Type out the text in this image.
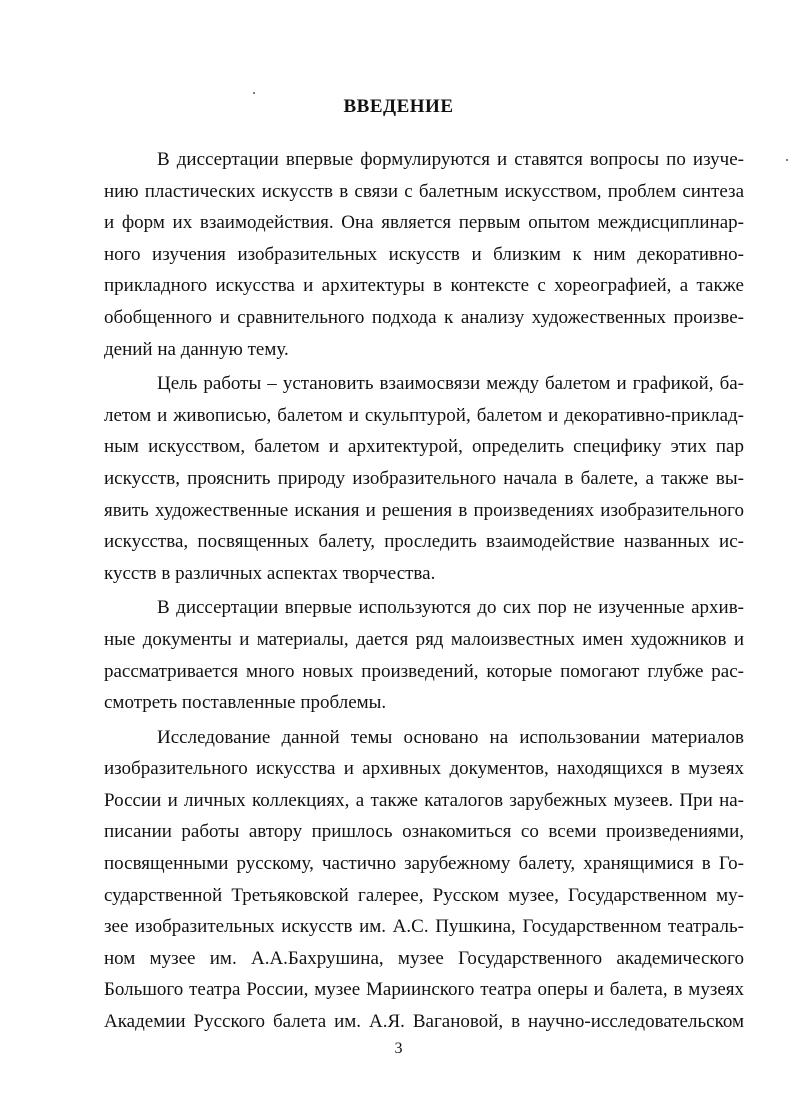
ВВЕДЕНИЕ
В диссертации впервые формулируются и ставятся вопросы по изуче-
нию пластических искусств в связи с балетным искусством, проблем синтеза
и форм их взаимодействия. Она является первым опытом междисциплинар-
ного изучения изобразительных искусств и близким к ним декоративно-
прикладного искусства и архитектуры в контексте с хореографией, а также
обобщенного и сравнительного подхода к анализу художественных произве-
дений на данную тему.
Цель работы – установить взаимосвязи между балетом и графикой, ба-
летом и живописью, балетом и скульптурой, балетом и декоративно-приклад-
ным искусством, балетом и архитектурой, определить специфику этих пар
искусств, прояснить природу изобразительного начала в балете, а также вы-
явить художественные искания и решения в произведениях изобразительного
искусства, посвященных балету, проследить взаимодействие названных ис-
кусств в различных аспектах творчества.
В диссертации впервые используются до сих пор не изученные архив-
ные документы и материалы, дается ряд малоизвестных имен художников и
рассматривается много новых произведений, которые помогают глубже рас-
смотреть поставленные проблемы.
Исследование данной темы основано на использовании материалов
изобразительного искусства и архивных документов, находящихся в музеях
России и личных коллекциях, а также каталогов зарубежных музеев. При на-
писании работы автору пришлось ознакомиться со всеми произведениями,
посвященными русскому, частично зарубежному балету, хранящимися в Го-
сударственной Третьяковской галерее, Русском музее, Государственном му-
зее изобразительных искусств им. А.С. Пушкина, Государственном театраль-
ном музее им. А.А.Бахрушина, музее Государственного академического
Большого театра России, музее Мариинского театра оперы и балета, в музеях
Академии Русского балета им. А.Я. Вагановой, в научно-исследовательском
3
